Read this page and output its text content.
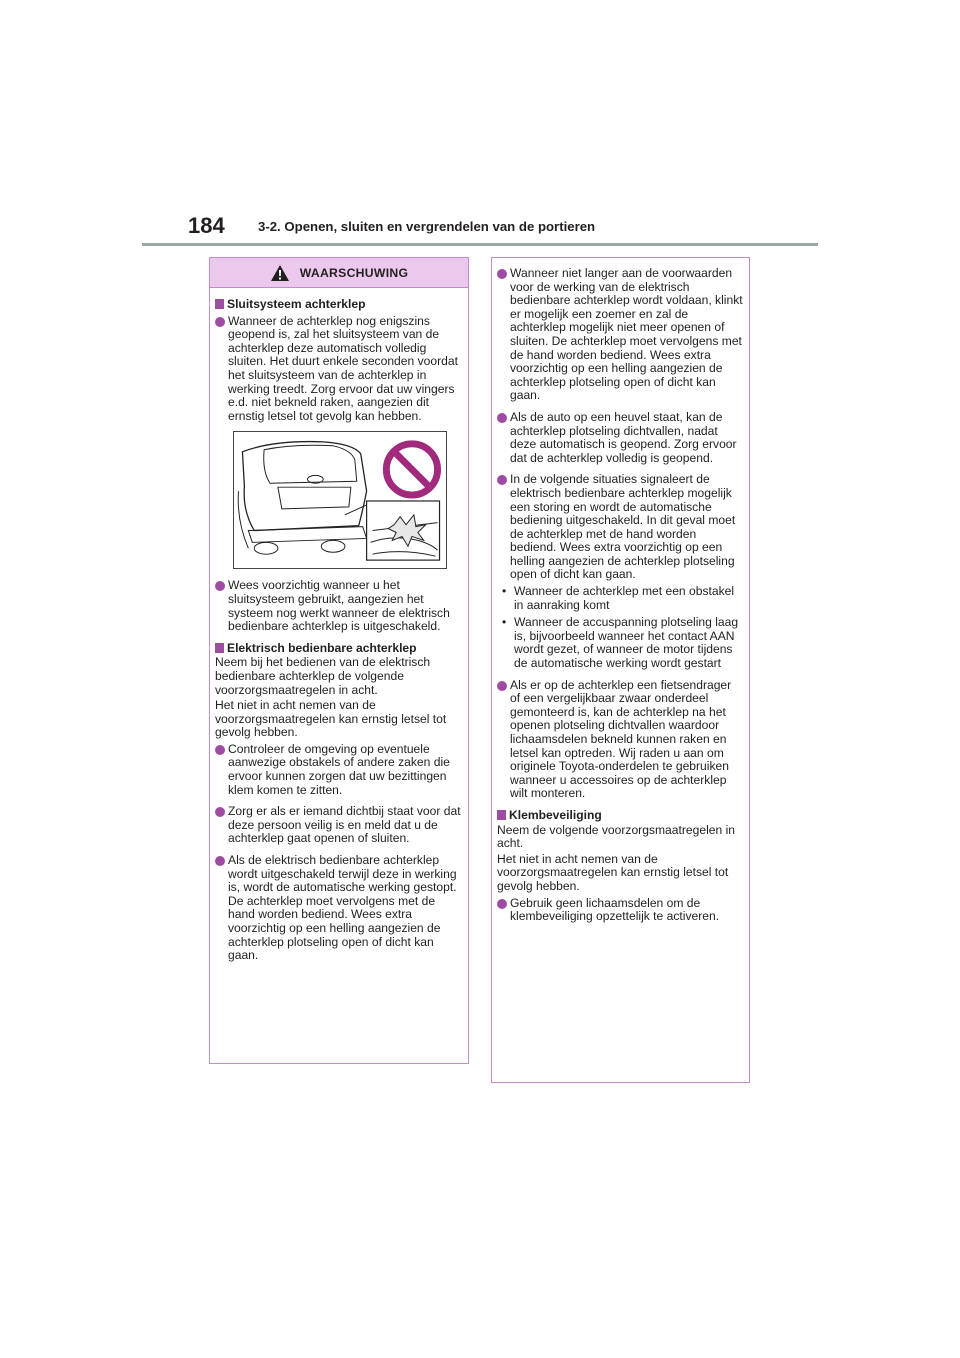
184	3-2. Openen, sluiten en vergrendelen van de portieren
WAARSCHUWING
Sluitsysteem achterklep
Wanneer de achterklep nog enigszins geopend is, zal het sluitsysteem van de achterklep deze automatisch volledig sluiten. Het duurt enkele seconden voordat het sluitsysteem van de achterklep in werking treedt. Zorg ervoor dat uw vingers e.d. niet bekneld raken, aangezien dit ernstig letsel tot gevolg kan hebben.
Wees voorzichtig wanneer u het sluitsysteem gebruikt, aangezien het systeem nog werkt wanneer de elektrisch bedienbare achterklep is uitgeschakeld.
Elektrisch bedienbare achterklep
Neem bij het bedienen van de elektrisch bedienbare achterklep de volgende voorzorgsmaatregelen in acht.
Het niet in acht nemen van de voorzorgsmaatregelen kan ernstig letsel tot gevolg hebben.
Controleer de omgeving op eventuele aanwezige obstakels of andere zaken die ervoor kunnen zorgen dat uw bezittingen klem komen te zitten.
Zorg er als er iemand dichtbij staat voor dat deze persoon veilig is en meld dat u de achterklep gaat openen of sluiten.
Als de elektrisch bedienbare achterklep wordt uitgeschakeld terwijl deze in werking is, wordt de automatische werking gestopt. De achterklep moet vervolgens met de hand worden bediend. Wees extra voorzichtig op een helling aangezien de achterklep plotseling open of dicht kan gaan.
Wanneer niet langer aan de voorwaarden voor de werking van de elektrisch bedienbare achterklep wordt voldaan, klinkt er mogelijk een zoemer en zal de achterklep mogelijk niet meer openen of sluiten. De achterklep moet vervolgens met de hand worden bediend. Wees extra voorzichtig op een helling aangezien de achterklep plotseling open of dicht kan gaan.
Als de auto op een heuvel staat, kan de achterklep plotseling dichtvallen, nadat deze automatisch is geopend. Zorg ervoor dat de achterklep volledig is geopend.
In de volgende situaties signaleert de elektrisch bedienbare achterklep mogelijk een storing en wordt de automatische bediening uitgeschakeld. In dit geval moet de achterklep met de hand worden bediend. Wees extra voorzichtig op een helling aangezien de achterklep plotseling open of dicht kan gaan.
• Wanneer de achterklep met een obstakel in aanraking komt
• Wanneer de accuspanning plotseling laag is, bijvoorbeeld wanneer het contact AAN wordt gezet, of wanneer de motor tijdens de automatische werking wordt gestart
Als er op de achterklep een fietsendrager of een vergelijkbaar zwaar onderdeel gemonteerd is, kan de achterklep na het openen plotseling dichtvallen waardoor lichaamsdelen bekneld kunnen raken en letsel kan optreden. Wij raden u aan om originele Toyota-onderdelen te gebruiken wanneer u accessoires op de achterklep wilt monteren.
Klembeveiliging
Neem de volgende voorzorgsmaatregelen in acht.
Het niet in acht nemen van de voorzorgsmaatregelen kan ernstig letsel tot gevolg hebben.
Gebruik geen lichaamsdelen om de klembeveiliging opzettelijk te activeren.
